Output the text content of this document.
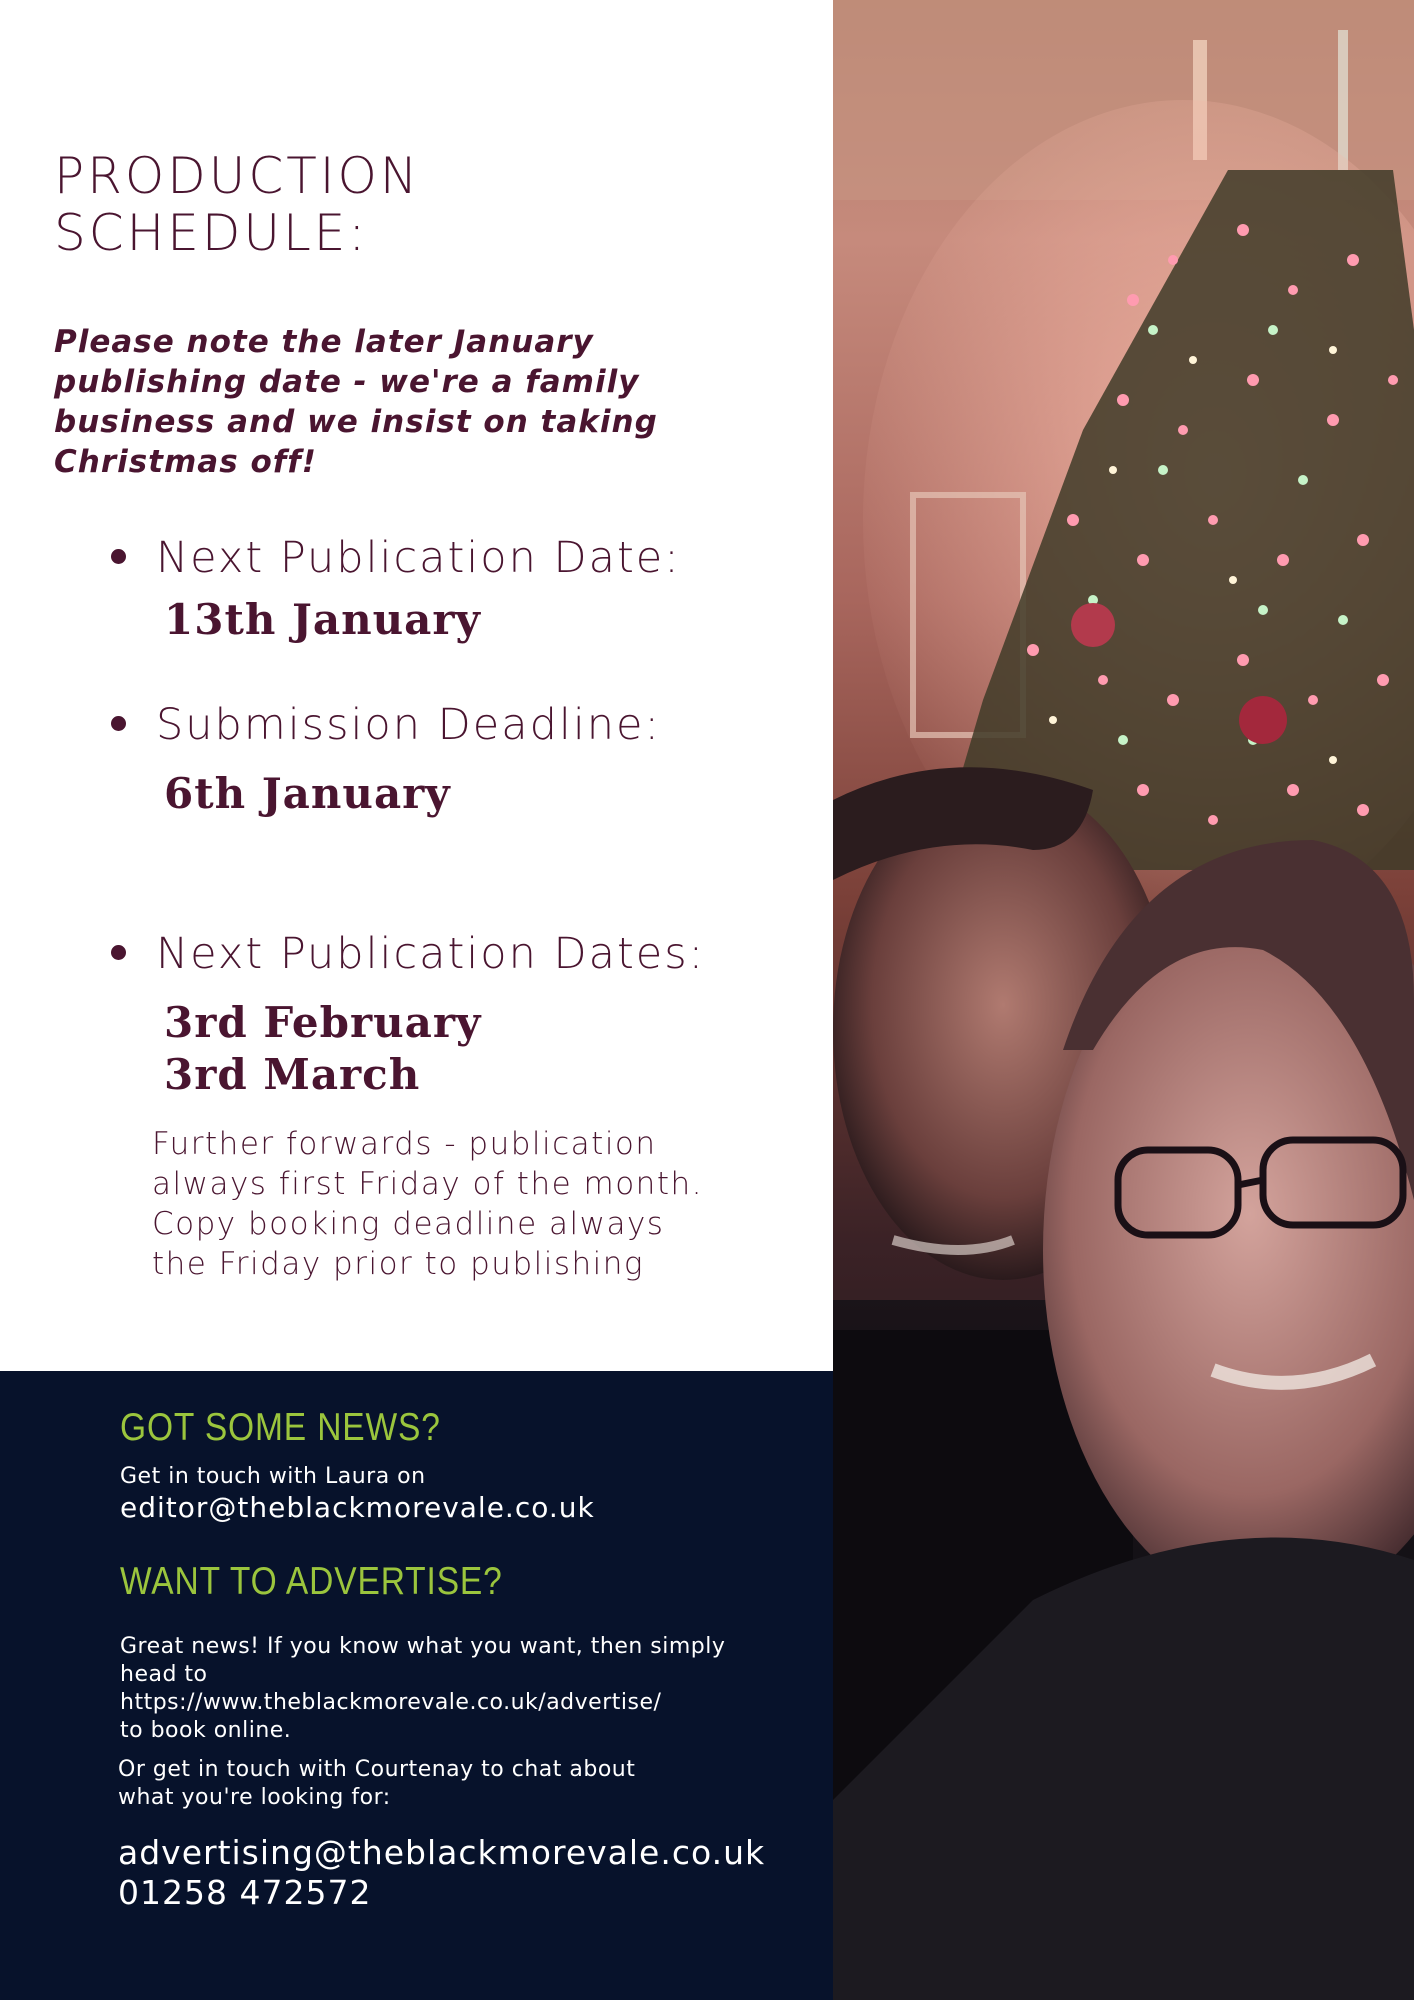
PRODUCTION
SCHEDULE:

Please note the later January publishing date - we're a family business and we insist on taking Christmas off!

Next Publication Date:
13th January
Submission Deadline:
6th January
Next Publication Dates:
3rd February
3rd March
Further forwards - publication
always first Friday of the month.
Copy booking deadline always
the Friday prior to publishing
GOT SOME NEWS?
Get in touch with Laura on
editor@theblackmorevale.co.uk
WANT TO ADVERTISE?
Great news! If you know what you want, then simply
head to
https://www.theblackmorevale.co.uk/advertise/
to book online.
Or get in touch with Courtenay to chat about
what you're looking for:
advertising@theblackmorevale.co.uk
01258 472572
